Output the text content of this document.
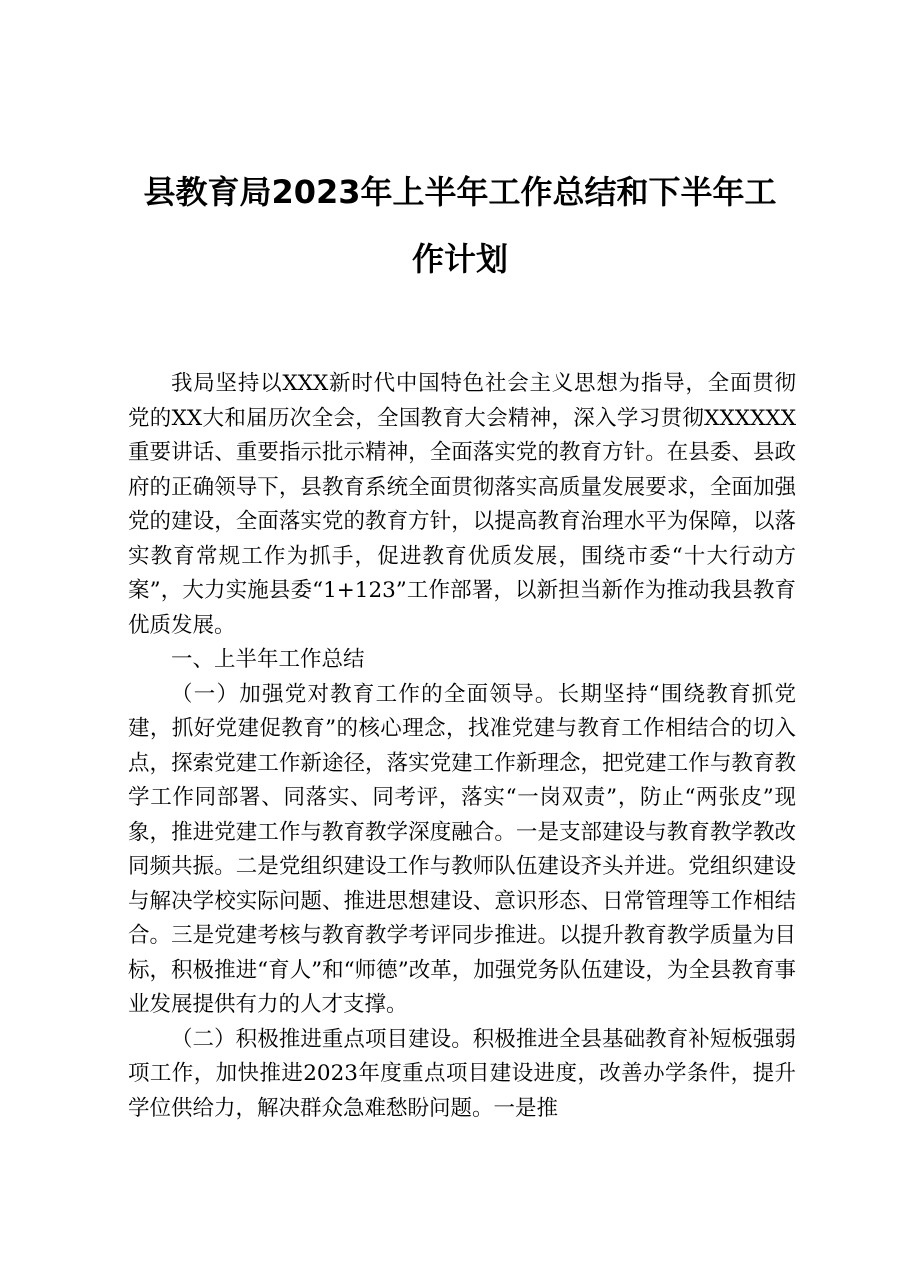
县教育局2023年上半年工作总结和下半年工
作计划

我局坚持以XXX新时代中国特色社会主义思想为指导，全面贯彻党的XX大和届历次全会，全国教育大会精神，深入学习贯彻XXXXXX重要讲话、重要指示批示精神，全面落实党的教育方针。在县委、县政府的正确领导下，县教育系统全面贯彻落实高质量发展要求，全面加强党的建设，全面落实党的教育方针，以提高教育治理水平为保障，以落实教育常规工作为抓手，促进教育优质发展，围绕市委“十大行动方案”，大力实施县委“1+123”工作部署，以新担当新作为推动我县教育优质发展。

一、上半年工作总结

（一）加强党对教育工作的全面领导。长期坚持“围绕教育抓党建，抓好党建促教育”的核心理念，找准党建与教育工作相结合的切入点，探索党建工作新途径，落实党建工作新理念，把党建工作与教育教学工作同部署、同落实、同考评，落实“一岗双责”，防止“两张皮”现象，推进党建工作与教育教学深度融合。一是支部建设与教育教学教改同频共振。二是党组织建设工作与教师队伍建设齐头并进。党组织建设与解决学校实际问题、推进思想建设、意识形态、日常管理等工作相结合。三是党建考核与教育教学考评同步推进。以提升教育教学质量为目标，积极推进“育人”和“师德”改革，加强党务队伍建设，为全县教育事业发展提供有力的人才支撑。

（二）积极推进重点项目建设。积极推进全县基础教育补短板强弱项工作，加快推进2023年度重点项目建设进度，改善办学条件，提升学位供给力，解决群众急难愁盼问题。一是推
